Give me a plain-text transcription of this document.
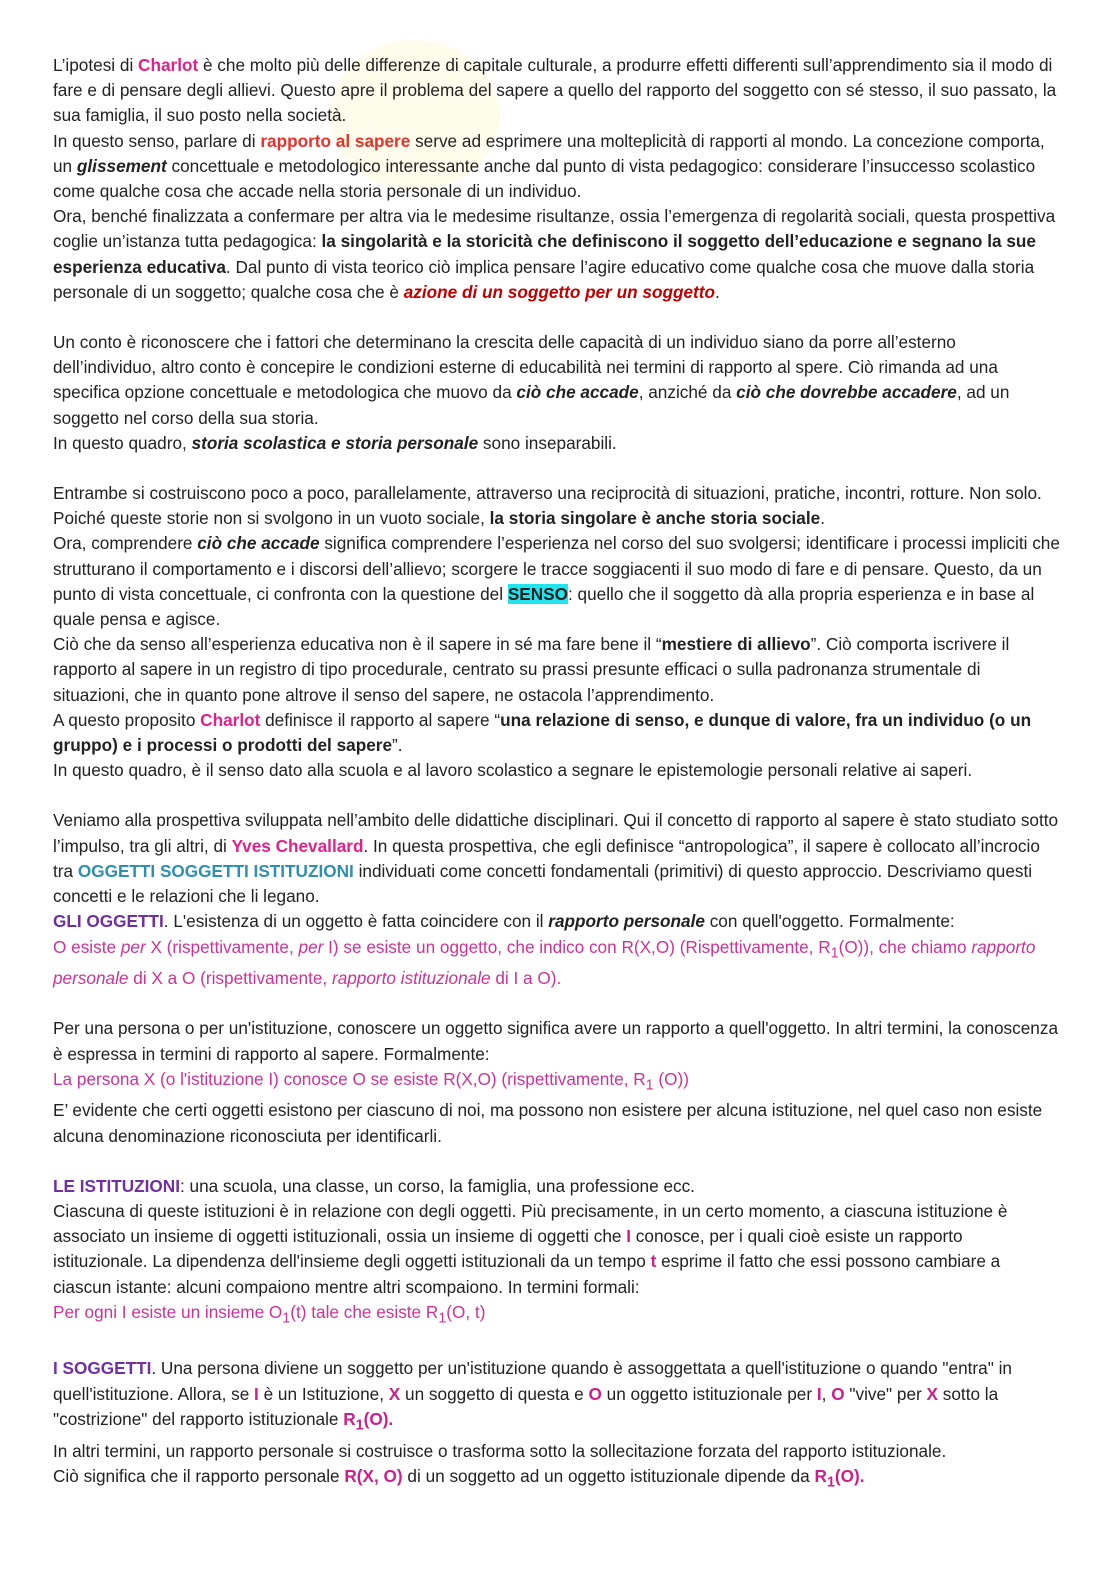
L’ipotesi di Charlot è che molto più delle differenze di capitale culturale, a produrre effetti differenti sull’apprendimento sia il modo di fare e di pensare degli allievi. Questo apre il problema del sapere a quello del rapporto del soggetto con sé stesso, il suo passato, la sua famiglia, il suo posto nella società.

In questo senso, parlare di rapporto al sapere serve ad esprimere una molteplicità di rapporti al mondo. La concezione comporta, un glissement concettuale e metodologico interessante anche dal punto di vista pedagogico: considerare l’insuccesso scolastico come qualche cosa che accade nella storia personale di un individuo.

Ora, benché finalizzata a confermare per altra via le medesime risultanze, ossia l’emergenza di regolarità sociali, questa prospettiva coglie un’istanza tutta pedagogica: la singolarità e la storicità che definiscono il soggetto dell’educazione e segnano la sue esperienza educativa. Dal punto di vista teorico ciò implica pensare l’agire educativo come qualche cosa che muove dalla storia personale di un soggetto; qualche cosa che è azione di un soggetto per un soggetto.

Un conto è riconoscere che i fattori che determinano la crescita delle capacità di un individuo siano da porre all’esterno dell’individuo, altro conto è concepire le condizioni esterne di educabilità nei termini di rapporto al spere. Ciò rimanda ad una specifica opzione concettuale e metodologica che muovo da ciò che accade, anziché da ciò che dovrebbe accadere, ad un soggetto nel corso della sua storia.

In questo quadro, storia scolastica e storia personale sono inseparabili.

Entrambe si costruiscono poco a poco, parallelamente, attraverso una reciprocità di situazioni, pratiche, incontri, rotture. Non solo. Poiché queste storie non si svolgono in un vuoto sociale, la storia singolare è anche storia sociale.

Ora, comprendere ciò che accade significa comprendere l’esperienza nel corso del suo svolgersi; identificare i processi impliciti che strutturano il comportamento e i discorsi dell’allievo; scorgere le tracce soggiacenti il suo modo di fare e di pensare. Questo, da un punto di vista concettuale, ci confronta con la questione del SENSO: quello che il soggetto dà alla propria esperienza e in base al quale pensa e agisce.

Ciò che da senso all’esperienza educativa non è il sapere in sé ma fare bene il “mestiere di allievo”. Ciò comporta iscrivere il rapporto al sapere in un registro di tipo procedurale, centrato su prassi presunte efficaci o sulla padronanza strumentale di situazioni, che in quanto pone altrove il senso del sapere, ne ostacola l’apprendimento.

A questo proposito Charlot definisce il rapporto al sapere “una relazione di senso, e dunque di valore, fra un individuo (o un gruppo) e i processi o prodotti del sapere”.

In questo quadro, è il senso dato alla scuola e al lavoro scolastico a segnare le epistemologie personali relative ai saperi.

Veniamo alla prospettiva sviluppata nell’ambito delle didattiche disciplinari. Qui il concetto di rapporto al sapere è stato studiato sotto l’impulso, tra gli altri, di Yves Chevallard. In questa prospettiva, che egli definisce “antropologica”, il sapere è collocato all’incrocio tra OGGETTI SOGGETTI ISTITUZIONI individuati come concetti fondamentali (primitivi) di questo approccio. Descriviamo questi concetti e le relazioni che li legano.

GLI OGGETTI. L'esistenza di un oggetto è fatta coincidere con il rapporto personale con quell'oggetto. Formalmente:

O esiste per X (rispettivamente, per I) se esiste un oggetto, che indico con R(X,O) (Rispettivamente, $R_1(O)$), che chiamo rapporto personale di X a O (rispettivamente, rapporto istituzionale di I a O).

Per una persona o per un'istituzione, conoscere un oggetto significa avere un rapporto a quell'oggetto. In altri termini, la conoscenza è espressa in termini di rapporto al sapere. Formalmente:

La persona X (o l'istituzione I) conosce O se esiste R(X,O) (rispettivamente, $R_1$ (O))

E’ evidente che certi oggetti esistono per ciascuno di noi, ma possono non esistere per alcuna istituzione, nel quel caso non esiste alcuna denominazione riconosciuta per identificarli.

LE ISTITUZIONI: una scuola, una classe, un corso, la famiglia, una professione ecc.

Ciascuna di queste istituzioni è in relazione con degli oggetti. Più precisamente, in un certo momento, a ciascuna istituzione è associato un insieme di oggetti istituzionali, ossia un insieme di oggetti che I conosce, per i quali cioè esiste un rapporto istituzionale. La dipendenza dell'insieme degli oggetti istituzionali da un tempo t esprime il fatto che essi possono cambiare a ciascun istante: alcuni compaiono mentre altri scompaiono. In termini formali:

Per ogni I esiste un insieme $O_1(t)$ tale che esiste $R_1(O$, t)

I SOGGETTI. Una persona diviene un soggetto per un'istituzione quando è assoggettata a quell'istituzione o quando "entra" in quell'istituzione. Allora, se I è un Istituzione, X un soggetto di questa e O un oggetto istituzionale per I, O "vive" per X sotto la "costrizione" del rapporto istituzionale $R_1(O)$.

In altri termini, un rapporto personale si costruisce o trasforma sotto la sollecitazione forzata del rapporto istituzionale.

Ciò significa che il rapporto personale R(X, O) di un soggetto ad un oggetto istituzionale dipende da $R_1(O)$.
